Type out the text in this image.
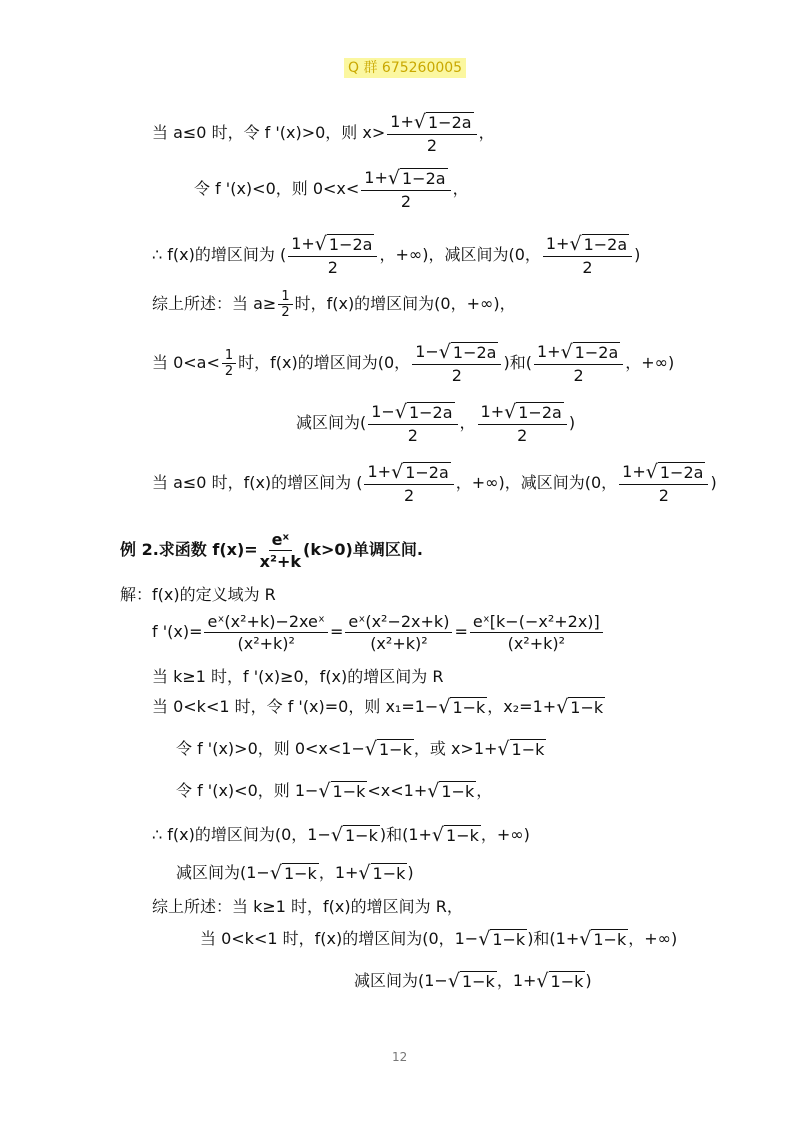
Q 群 675260005
当 a≤0 时，令 f '(x)>0，则 $x> \frac{1+ √ 1-2a}{2}$ ，
令 f '(x)<0，则 $0<x< \frac{1+ √ 1-2a}{2}$ ，
∴ f(x)的增区间为 ( $\frac{1+ √ 1-2a}{2}$ ，+∞)，减区间为(0， $\frac{1+ √ 1-2a}{2}$ )
综上所述：当 $a\ge \frac{1}{2}$ 时，f(x)的增区间为(0，+∞)，
当 $0<a< \frac{1}{2}$ 时，f(x)的增区间为(0， $\frac{1- √ 1-2a}{2}$ )和( $\frac{1+ √ 1-2a}{2}$ ，+∞)
减区间为( $\frac{1- √ 1-2a}{2}$ ， $\frac{1+ √ 1-2a}{2}$ )
当 a≤0 时，f(x)的增区间为 ( $\frac{1+ √ 1-2a}{2}$ ，+∞)，减区间为(0， $\frac{1+ √ 1-2a}{2}$ )
例 2.求函数 $f(x)= \frac{\text{eˣ}}{\text{x²+k}} (k>0)$单调区间.
解：f(x)的定义域为 R
f '(x)=
eˣ(x²+k)−2xeˣ
(x²+k)²
= $\frac{\text{eˣ(x²−2x+k)}}{\text{(x²+k)²}} = \frac{\text{eˣ[k−(−x²+2x)]}}{\text{(x²+k)²}}$
当 k≥1 时，f '(x)≥0，f(x)的增区间为 R
当 0<k<1 时，令 f '(x)=0，则 x₁=1− √ 1−k ，x₂=1+ √ 1−k
令 f '(x)>0，则 0<x<1− √ 1−k ，或 x>1+ √ 1−k
令 f '(x)<0，则 1− √ 1−k <x<1+ √ 1−k ，
∴ f(x)的增区间为(0，1− √ 1−k )和(1+ √ 1−k ，+∞)
减区间为(1− √ 1−k ，1+ √ 1−k )
综上所述：当 k≥1 时，f(x)的增区间为 R，
当 0<k<1 时，f(x)的增区间为(0，1− √ 1−k )和(1+ √ 1−k ，+∞)
减区间为(1− √ 1−k ，1+ √ 1−k )
12
